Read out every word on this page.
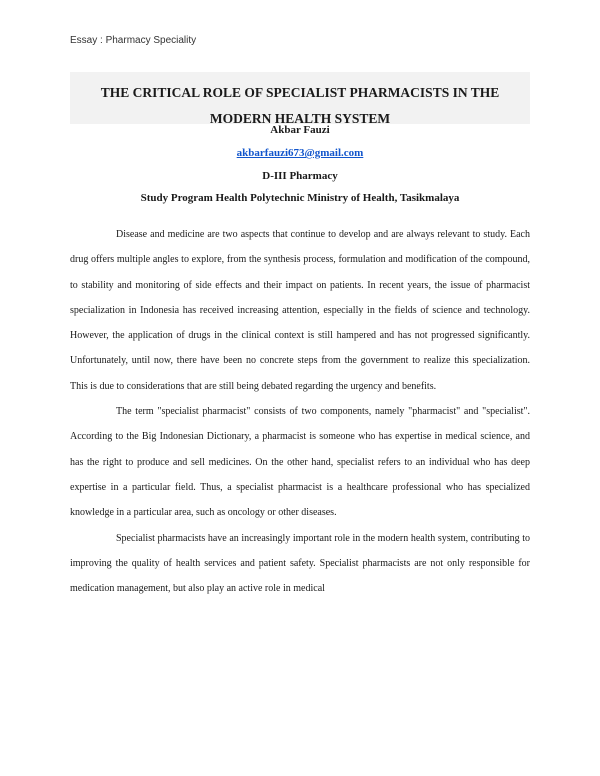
Essay : Pharmacy Speciality
THE CRITICAL ROLE OF SPECIALIST PHARMACISTS IN THE MODERN HEALTH SYSTEM

Akbar Fauzi

akbarfauzi673@gmail.com

D-III Pharmacy

Study Program Health Polytechnic Ministry of Health, Tasikmalaya

Disease and medicine are two aspects that continue to develop and are always relevant to study. Each drug offers multiple angles to explore, from the synthesis process, formulation and modification of the compound, to stability and monitoring of side effects and their impact on patients. In recent years, the issue of pharmacist specialization in Indonesia has received increasing attention, especially in the fields of science and technology. However, the application of drugs in the clinical context is still hampered and has not progressed significantly. Unfortunately, until now, there have been no concrete steps from the government to realize this specialization. This is due to considerations that are still being debated regarding the urgency and benefits.

The term "specialist pharmacist" consists of two components, namely "pharmacist" and "specialist". According to the Big Indonesian Dictionary, a pharmacist is someone who has expertise in medical science, and has the right to produce and sell medicines. On the other hand, specialist refers to an individual who has deep expertise in a particular field. Thus, a specialist pharmacist is a healthcare professional who has specialized knowledge in a particular area, such as oncology or other diseases.

Specialist pharmacists have an increasingly important role in the modern health system, contributing to improving the quality of health services and patient safety. Specialist pharmacists are not only responsible for medication management, but also play an active role in medical
